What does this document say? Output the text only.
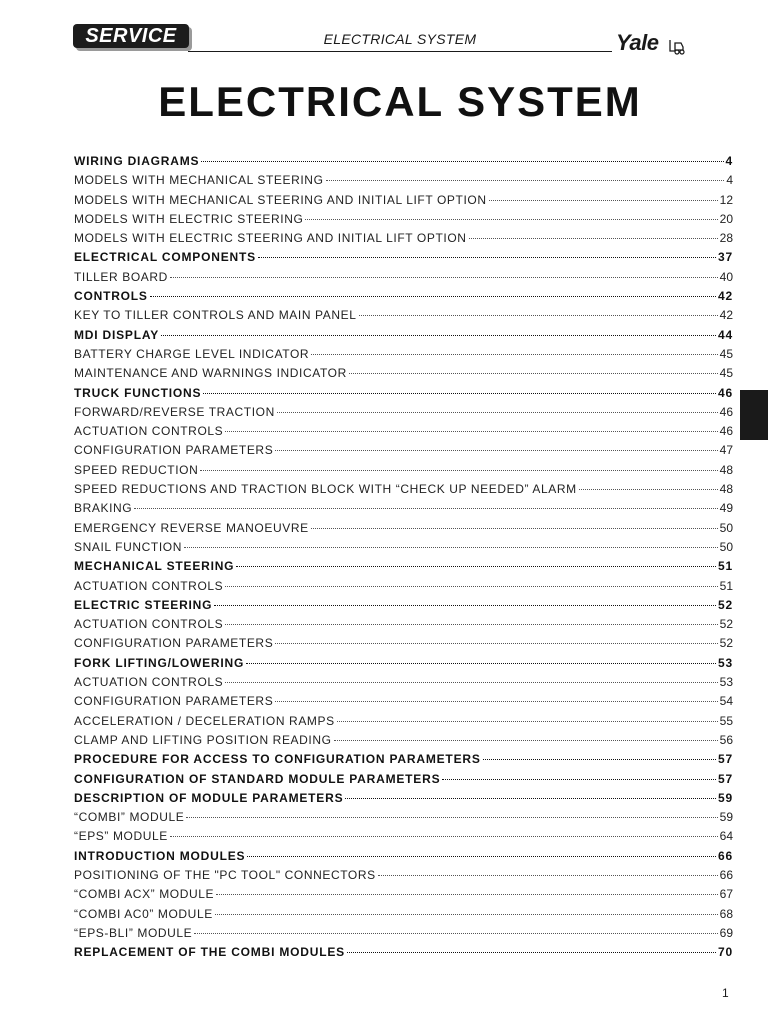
SERVICE	ELECTRICAL SYSTEM	Yale
ELECTRICAL SYSTEM
WIRING DIAGRAMS	4
MODELS WITH MECHANICAL STEERING	4
MODELS WITH MECHANICAL STEERING AND INITIAL LIFT OPTION	12
MODELS WITH ELECTRIC STEERING	20
MODELS WITH ELECTRIC STEERING AND INITIAL LIFT OPTION	28
ELECTRICAL COMPONENTS	37
TILLER BOARD	40
CONTROLS	42
KEY TO TILLER CONTROLS AND MAIN PANEL	42
MDI DISPLAY	44
BATTERY CHARGE LEVEL INDICATOR	45
MAINTENANCE AND WARNINGS INDICATOR	45
TRUCK FUNCTIONS	46
FORWARD/REVERSE TRACTION	46
ACTUATION CONTROLS	46
CONFIGURATION PARAMETERS	47
SPEED REDUCTION	48
SPEED REDUCTIONS AND TRACTION BLOCK WITH “CHECK UP NEEDED” ALARM	48
BRAKING	49
EMERGENCY REVERSE MANOEUVRE	50
SNAIL FUNCTION	50
MECHANICAL STEERING	51
ACTUATION CONTROLS	51
ELECTRIC STEERING	52
ACTUATION CONTROLS	52
CONFIGURATION PARAMETERS	52
FORK LIFTING/LOWERING	53
ACTUATION CONTROLS	53
CONFIGURATION PARAMETERS	54
ACCELERATION / DECELERATION RAMPS	55
CLAMP AND LIFTING POSITION READING	56
PROCEDURE FOR ACCESS TO CONFIGURATION PARAMETERS	57
CONFIGURATION OF STANDARD MODULE PARAMETERS	57
DESCRIPTION OF MODULE PARAMETERS	59
“COMBI” MODULE	59
“EPS” MODULE	64
INTRODUCTION MODULES	66
POSITIONING OF THE "PC TOOL" CONNECTORS	66
“COMBI ACX” MODULE	67
“COMBI AC0” MODULE	68
“EPS-BLI” MODULE	69
REPLACEMENT OF THE COMBI MODULES	70
1
